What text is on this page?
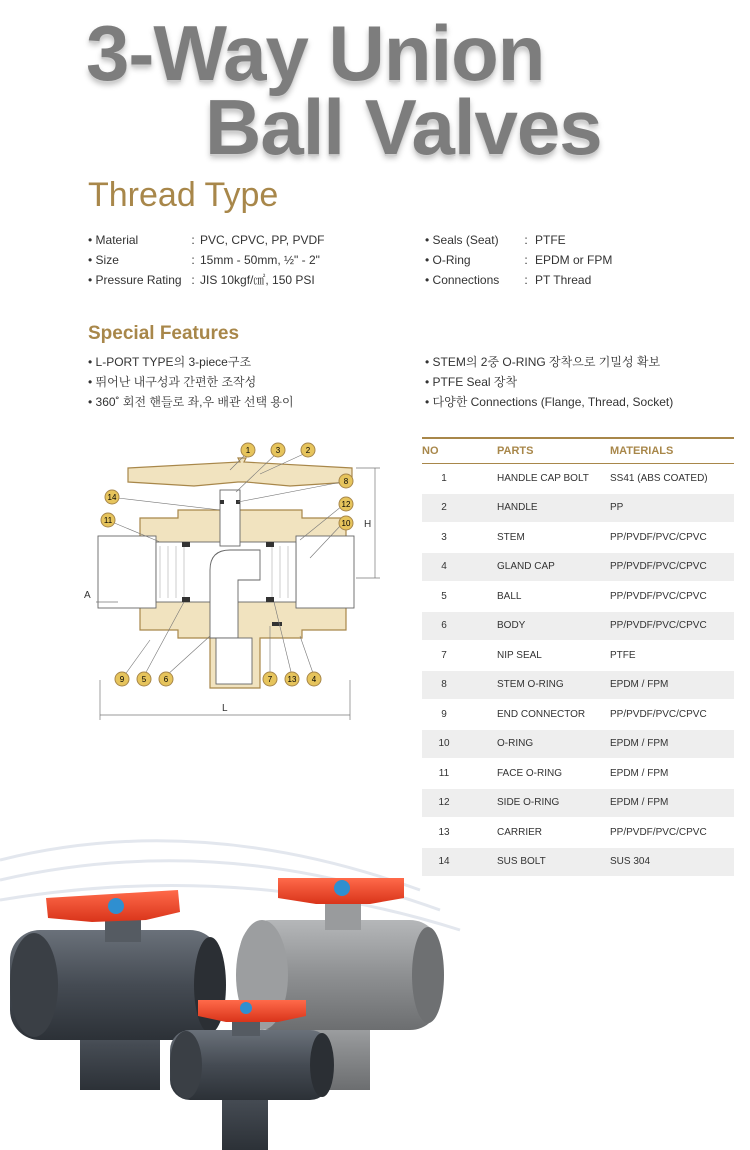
3-Way Union
Ball Valves
Thread Type
• Material	: PVC, CPVC, PP, PVDF
• Size	: 15mm - 50mm, ½" - 2"
• Pressure Rating : JIS 10kgf/㎠, 150 PSI
• Seals (Seat) : PTFE
• O-Ring	: EPDM or FPM
• Connections : PT Thread
Special Features
• L-PORT TYPE의 3-piece구조
• 뛰어난 내구성과 간편한 조작성
• 360˚ 회전 핸들로 좌,우 배관 선택 용이
• STEM의 2중 O-RING 장착으로 기밀성 확보
• PTFE Seal 장착
• 다양한 Connections (Flange, Thread, Socket)
1	3	2
8
12
10
14
11
9 5 6	7 13 4
A
H
L
NO	PARTS	MATERIALS
1	HANDLE CAP BOLT	SS41 (ABS COATED)
2	HANDLE	PP
3	STEM	PP/PVDF/PVC/CPVC
4	GLAND CAP	PP/PVDF/PVC/CPVC
5	BALL	PP/PVDF/PVC/CPVC
6	BODY	PP/PVDF/PVC/CPVC
7	NIP SEAL	PTFE
8	STEM O-RING	EPDM / FPM
9	END CONNECTOR	PP/PVDF/PVC/CPVC
10	O-RING	EPDM / FPM
11	FACE O-RING	EPDM / FPM
12	SIDE O-RING	EPDM / FPM
13	CARRIER	PP/PVDF/PVC/CPVC
14	SUS BOLT	SUS 304
